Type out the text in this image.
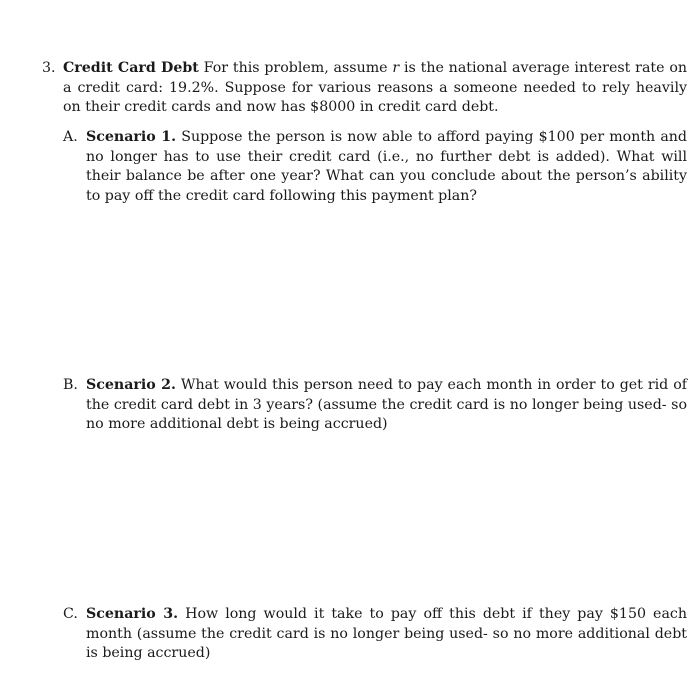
3. Credit Card Debt For this problem, assume r is the national average interest rate on a credit card: 19.2%. Suppose for various reasons a someone needed to rely heavily on their credit cards and now has $8000 in credit card debt.
A. Scenario 1. Suppose the person is now able to afford paying $100 per month and no longer has to use their credit card (i.e., no further debt is added). What will their balance be after one year? What can you conclude about the person’s ability to pay off the credit card following this payment plan?
B. Scenario 2. What would this person need to pay each month in order to get rid of the credit card debt in 3 years? (assume the credit card is no longer being used- so no more additional debt is being accrued)
C. Scenario 3. How long would it take to pay off this debt if they pay $150 each month (assume the credit card is no longer being used- so no more additional debt is being accrued)
